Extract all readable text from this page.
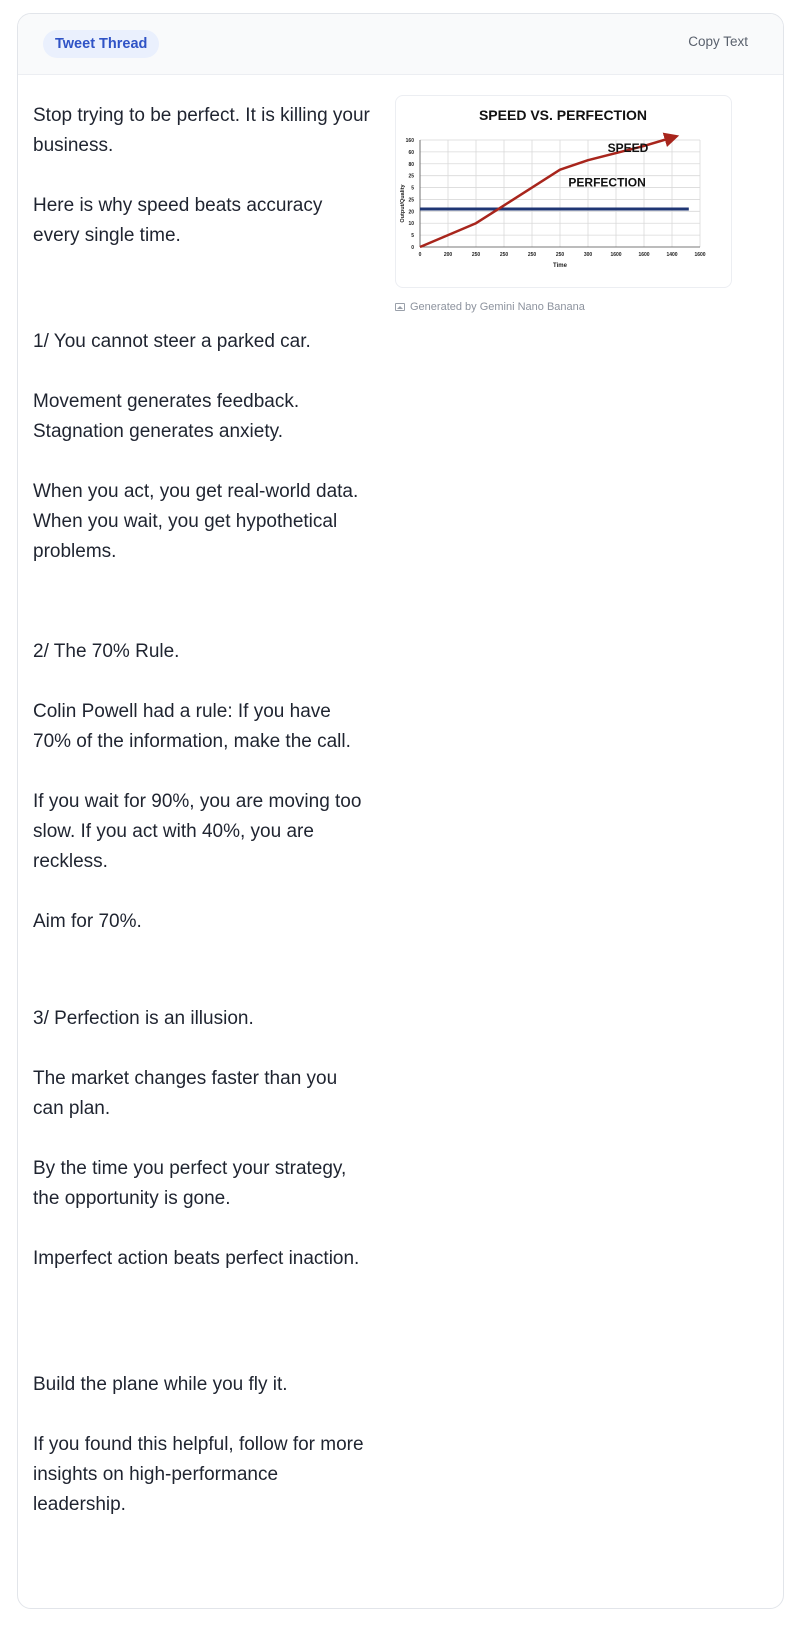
Tweet Thread	Copy Text

Stop trying to be perfect. It is killing your business.

Here is why speed beats accuracy every single time.

1/ You cannot steer a parked car.

Movement generates feedback. Stagnation generates anxiety.

When you act, you get real-world data. When you wait, you get hypothetical problems.

2/ The 70% Rule.

Colin Powell had a rule: If you have 70% of the information, make the call.

If you wait for 90%, you are moving too slow. If you act with 40%, you are reckless.

Aim for 70%.

3/ Perfection is an illusion.

The market changes faster than you can plan.

By the time you perfect your strategy, the opportunity is gone.

Imperfect action beats perfect inaction.

Build the plane while you fly it.

If you found this helpful, follow for more insights on high-performance leadership.

SPEED VS. PERFECTION
0	200	250	250	250	250	300	1600	1600	1400	1600
0
5
10
20
25
5
25
80
60
160
Time
Output/Quality
PERFECTION
SPEED
Generated by Gemini Nano Banana
